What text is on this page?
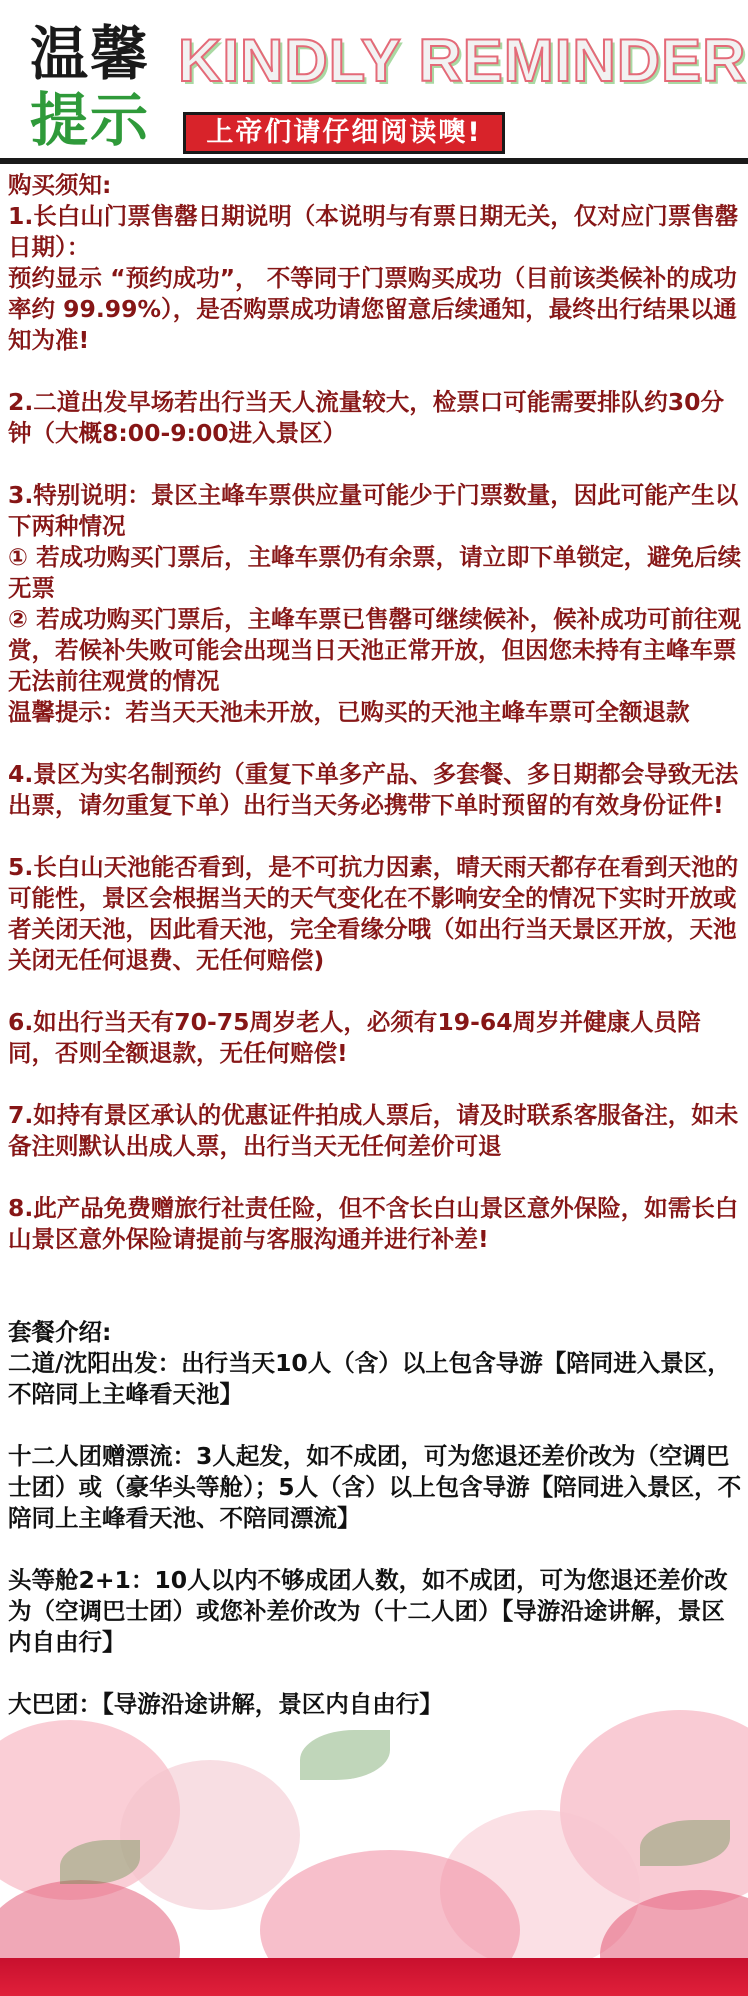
温馨
提示
KINDLY REMINDER
上帝们请仔细阅读噢!

购买须知:

1.长白山门票售罄日期说明（本说明与有票日期无关，仅对应门票售罄日期）：
预约显示 “预约成功”， 不等同于门票购买成功（目前该类候补的成功率约 99.99%），是否购票成功请您留意后续通知，最终出行结果以通知为准!

2.二道出发早场若出行当天人流量较大，检票口可能需要排队约30分钟（大概8:00-9:00进入景区）

3.特别说明：景区主峰车票供应量可能少于门票数量，因此可能产生以下两种情况
① 若成功购买门票后，主峰车票仍有余票，请立即下单锁定，避免后续无票
② 若成功购买门票后，主峰车票已售罄可继续候补，候补成功可前往观赏，若候补失败可能会出现当日天池正常开放，但因您未持有主峰车票无法前往观赏的情况
温馨提示：若当天天池未开放，已购买的天池主峰车票可全额退款

4.景区为实名制预约（重复下单多产品、多套餐、多日期都会导致无法出票，请勿重复下单）出行当天务必携带下单时预留的有效身份证件!

5.长白山天池能否看到，是不可抗力因素，晴天雨天都存在看到天池的可能性，景区会根据当天的天气变化在不影响安全的情况下实时开放或者关闭天池，因此看天池，完全看缘分哦（如出行当天景区开放，天池关闭无任何退费、无任何赔偿)

6.如出行当天有70-75周岁老人，必须有19-64周岁并健康人员陪同，否则全额退款，无任何赔偿!

7.如持有景区承认的优惠证件拍成人票后，请及时联系客服备注，如未备注则默认出成人票，出行当天无任何差价可退

8.此产品免费赠旅行社责任险，但不含长白山景区意外保险，如需长白山景区意外保险请提前与客服沟通并进行补差!

套餐介绍:

二道/沈阳出发：出行当天10人（含）以上包含导游【陪同进入景区，不陪同上主峰看天池】

十二人团赠漂流：3人起发，如不成团，可为您退还差价改为（空调巴士团）或（豪华头等舱）；5人（含）以上包含导游【陪同进入景区，不陪同上主峰看天池、不陪同漂流】

头等舱2+1：10人以内不够成团人数，如不成团，可为您退还差价改为（空调巴士团）或您补差价改为（十二人团）【导游沿途讲解，景区内自由行】

大巴团：【导游沿途讲解，景区内自由行】
